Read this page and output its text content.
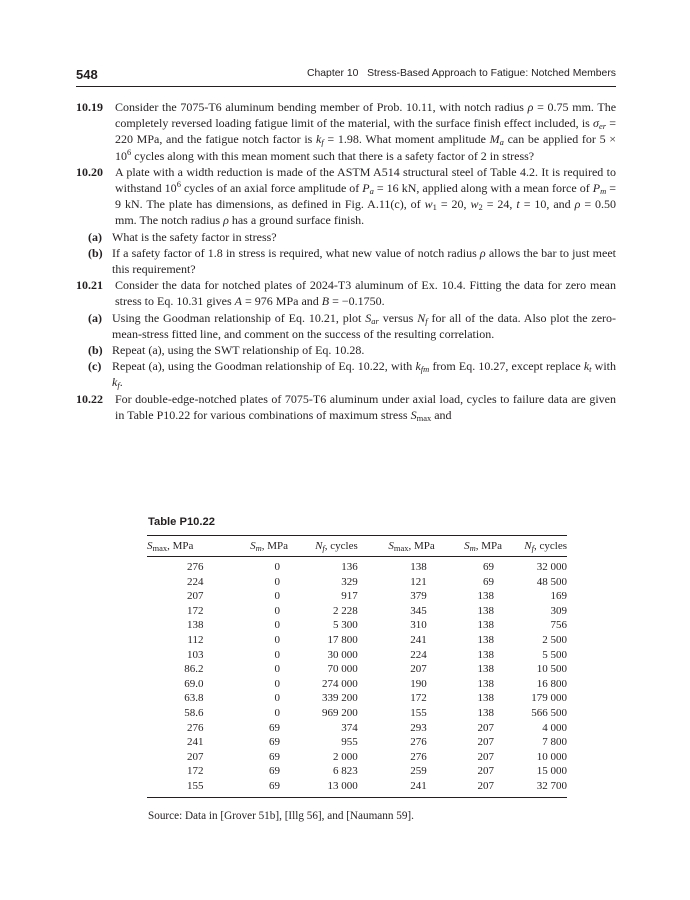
548	Chapter 10   Stress-Based Approach to Fatigue: Notched Members
10.19 Consider the 7075-T6 aluminum bending member of Prob. 10.11, with notch radius ρ = 0.75 mm. The completely reversed loading fatigue limit of the material, with the surface finish effect included, is $\sigma_{er} = 220$ MPa, and the fatigue notch factor is $k_f = 1.98$. What moment amplitude $M_a$ can be applied for $5 \times 10^6$ cycles along with this mean moment such that there is a safety factor of 2 in stress?
10.20 A plate with a width reduction is made of the ASTM A514 structural steel of Table 4.2. It is required to withstand $10^6$ cycles of an axial force amplitude of $P_a = 16$ kN, applied along with a mean force of $P_m = 9$ kN. The plate has dimensions, as defined in Fig. A.11(c), of $w_1 = 20$, $w_2 = 24$, t = 10, and ρ = 0.50 mm. The notch radius ρ has a ground surface finish.
(a) What is the safety factor in stress?
(b) If a safety factor of 1.8 in stress is required, what new value of notch radius ρ allows the bar to just meet this requirement?
10.21 Consider the data for notched plates of 2024-T3 aluminum of Ex. 10.4. Fitting the data for zero mean stress to Eq. 10.31 gives A = 976 MPa and B = −0.1750.
(a) Using the Goodman relationship of Eq. 10.21, plot $S_{ar}$ versus $N_f$ for all of the data. Also plot the zero-mean-stress fitted line, and comment on the success of the resulting correlation.
(b) Repeat (a), using the SWT relationship of Eq. 10.28.
(c) Repeat (a), using the Goodman relationship of Eq. 10.22, with $k_{fm}$ from Eq. 10.27, except replace $k_t$ with $k_f$.
10.22 For double-edge-notched plates of 7075-T6 aluminum under axial load, cycles to failure data are given in Table P10.22 for various combinations of maximum stress $S_{max}$ and
Table P10.22
$S_{max}$, MPa	$S_m$, MPa	$N_f$, cycles	$S_{max}$, MPa	$S_m$, MPa	$N_f$, cycles
276	0	136	138	69	32 000
224	0	329	121	69	48 500
207	0	917	379	138	169
172	0	2 228	345	138	309
138	0	5 300	310	138	756
112	0	17 800	241	138	2 500
103	0	30 000	224	138	5 500
86.2	0	70 000	207	138	10 500
69.0	0	274 000	190	138	16 800
63.8	0	339 200	172	138	179 000
58.6	0	969 200	155	138	566 500
276	69	374	293	207	4 000
241	69	955	276	207	7 800
207	69	2 000	276	207	10 000
172	69	6 823	259	207	15 000
155	69	13 000	241	207	32 700
Source: Data in [Grover 51b], [Illg 56], and [Naumann 59].
